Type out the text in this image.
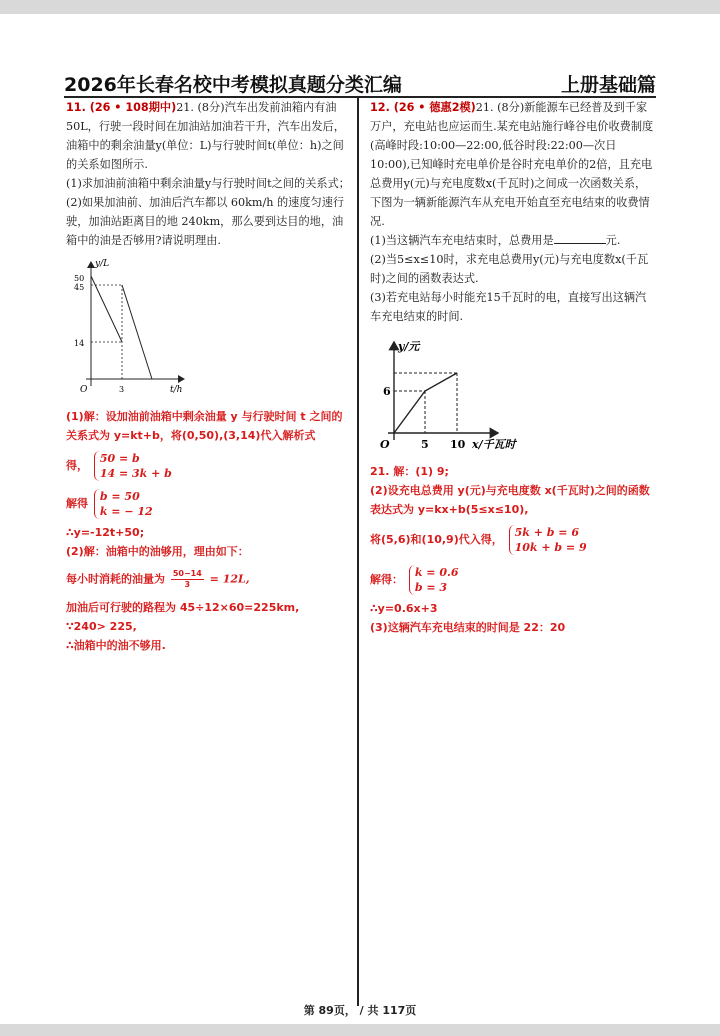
2026年长春名校中考模拟真题分类汇编	上册基础篇

11. (26 • 108期中)21. (8分)汽车出发前油箱内有油 50L，行驶一段时间在加油站加油若干升，汽车出发后，油箱中的剩余油量y(单位：L)与行驶时间t(单位：h)之间的关系如图所示.

(1)求加油前油箱中剩余油量y与行驶时间t之间的关系式；

(2)如果加油前、加油后汽车都以 60km/h 的速度匀速行驶，加油站距离目的地 240km，那么要到达目的地，油箱中的油是否够用?请说明理由.

y/L
t/h
O
50
45
14
3

(1)解：设加油前油箱中剩余油量 y 与行驶时间 t 之间的关系式为 y=kt+b，将(0,50),(3,14)代入解析式

得， 50 = b
14 = 3k + b

解得 b = 50
k = − 12

∴y=-12t+50;

(2)解：油箱中的油够用，理由如下：

每小时消耗的油量为 $\frac{50-14}{3} = 12L$,

加油后可行驶的路程为 45÷12×60=225km,

∵240> 225,

∴油箱中的油不够用.

12. (26 • 德惠2模)21. (8分)新能源车已经普及到千家万户，充电站也应运而生.某充电站施行峰谷电价收费制度(高峰时段:10:00—22:00,低谷时段:22:00—次日10:00),已知峰时充电单价是谷时充电单价的2倍，且充电总费用y(元)与充电度数x(千瓦时)之间成一次函数关系，下图为一辆新能源汽车从充电开始直至充电结束的收费情况.

(1)当这辆汽车充电结束时，总费用是	元.

(2)当5≤x≤10时，求充电总费用y(元)与充电度数x(千瓦时)之间的函数表达式.

(3)若充电站每小时能充15千瓦时的电，直接写出这辆汽车充电结束的时间.

y/元
x/千瓦时
O
6
5 10

21. 解：(1) 9;

(2)设充电总费用 y(元)与充电度数 x(千瓦时)之间的函数表达式为 y=kx+b(5≤x≤10),

将(5,6)和(10,9)代入得， 5k + b = 6
10k + b = 9

解得： k = 0.6
b = 3

∴y=0.6x+3

(3)这辆汽车充电结束的时间是 22：20

第 89页， / 共 117页
